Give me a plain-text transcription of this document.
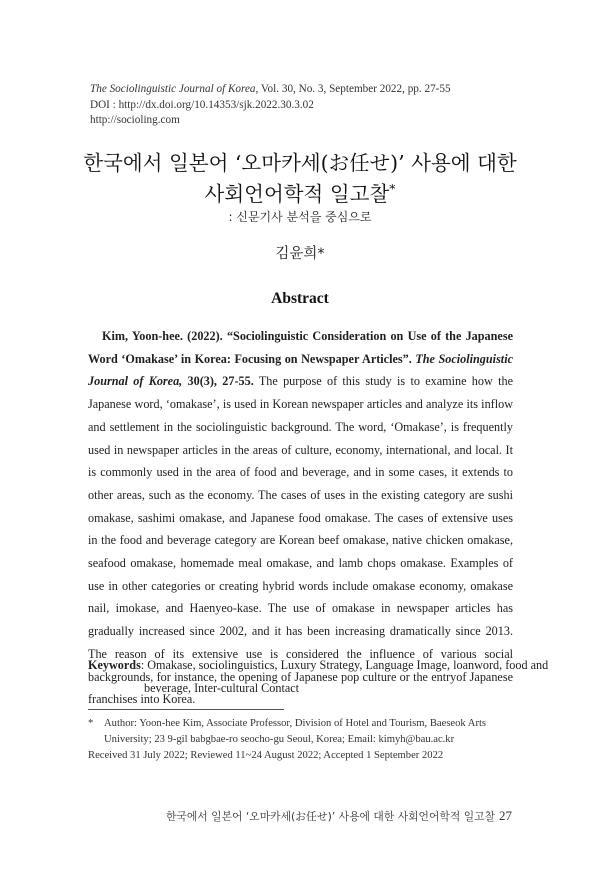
The Sociolinguistic Journal of Korea, Vol. 30, No. 3, September 2022, pp. 27-55
DOI : http://dx.doi.org/10.14353/sjk.2022.30.3.02
http://socioling.com
한국에서 일본어 ‘오마카세(お任せ)’ 사용에 대한
사회언어학적 일고찰*
: 신문기사 분석을 중심으로
김윤희*
Abstract

Kim, Yoon-hee. (2022). “Sociolinguistic Consideration on Use of the Japanese Word ‘Omakase’ in Korea: Focusing on Newspaper Articles”. The Sociolinguistic Journal of Korea, 30(3), 27-55. The purpose of this study is to examine how the Japanese word, ‘omakase’, is used in Korean newspaper articles and analyze its inflow and settlement in the sociolinguistic background. The word, ‘Omakase’, is frequently used in newspaper articles in the areas of culture, economy, international, and local. It is commonly used in the area of food and beverage, and in some cases, it extends to other areas, such as the economy. The cases of uses in the existing category are sushi omakase, sashimi omakase, and Japanese food omakase. The cases of extensive uses in the food and beverage category are Korean beef omakase, native chicken omakase, seafood omakase, homemade meal omakase, and lamb chops omakase. Examples of use in other categories or creating hybrid words include omakase economy, omakase nail, imokase, and Haenyeo-kase. The use of omakase in newspaper articles has gradually increased since 2002, and it has been increasing dramatically since 2013. The reason of its extensive use is considered the influence of various social backgrounds, for instance, the opening of Japanese pop culture or the entryof Japanese franchises into Korea.

Keywords: Omakase, sociolinguistics, Luxury Strategy, Language Image, loanword, food and beverage, Inter-cultural Contact

* Author: Yoon-hee Kim, Associate Professor, Division of Hotel and Tourism, Baeseok Arts
University; 23 9-gil babgbae-ro seocho-gu Seoul, Korea; Email: kimyh@bau.ac.kr
Received 31 July 2022; Reviewed 11~24 August 2022; Accepted 1 September 2022
한국에서 일본어 ‘오마카세(お任せ)’ 사용에 대한 사회언어학적 일고찰 27
